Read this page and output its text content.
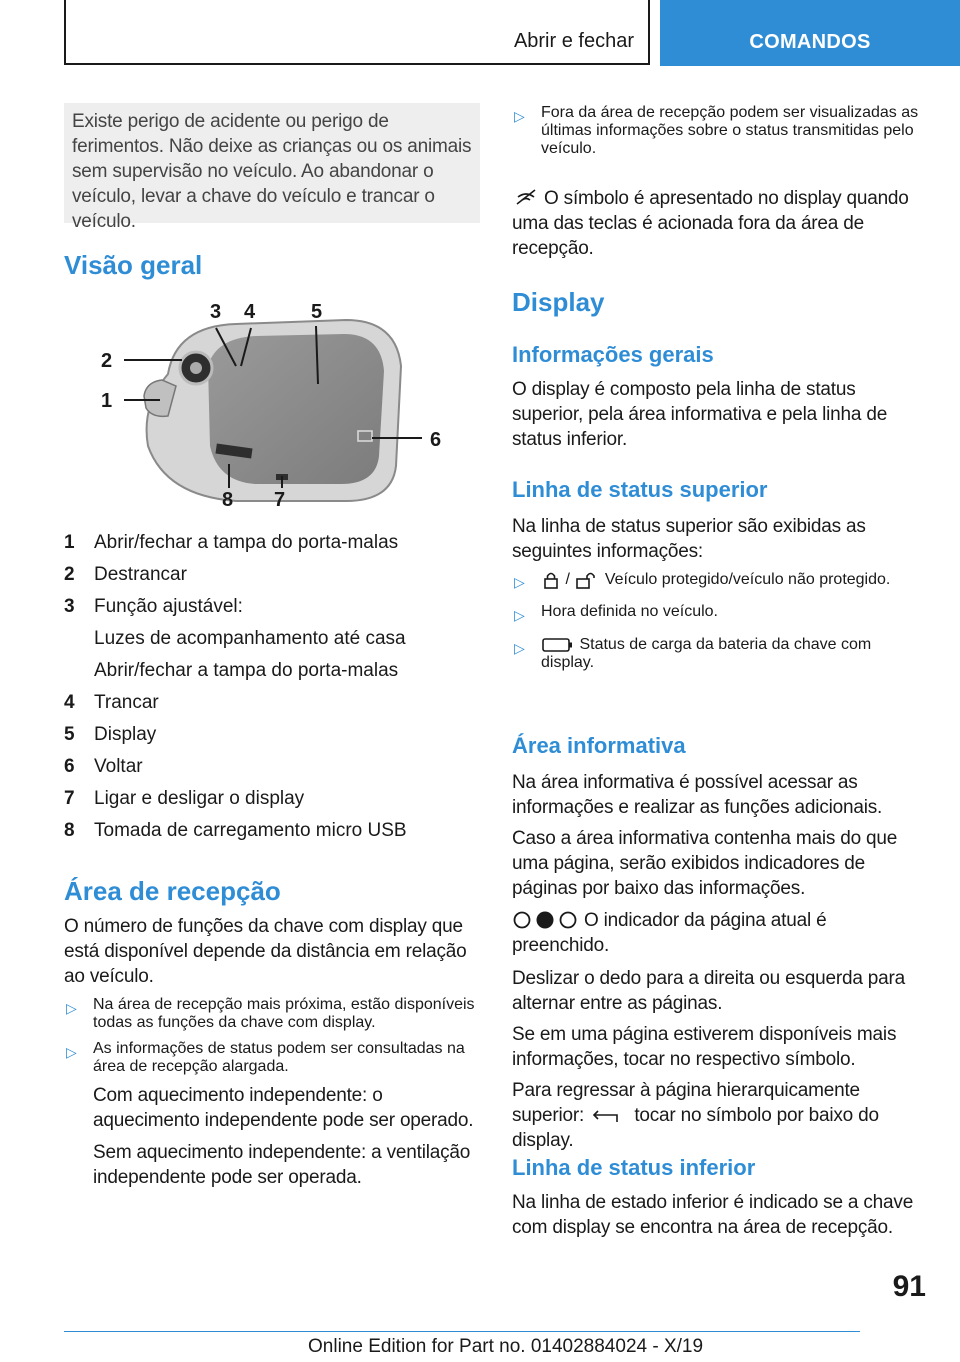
Abrir e fechar	COMANDOS
Existe perigo de acidente ou perigo de ferimentos. Não deixe as crianças ou os animais sem supervisão no veículo. Ao abandonar o veículo, levar a chave do veículo e trancar o veículo.
Visão geral
1
2
3 4	5
6
7
8
1	Abrir/fechar a tampa do porta-malas
2	Destrancar
3	Função ajustável:
Luzes de acompanhamento até casa
Abrir/fechar a tampa do porta-malas
4	Trancar
5	Display
6	Voltar
7	Ligar e desligar o display
8	Tomada de carregamento micro USB
Área de recepção

O número de funções da chave com display que está disponível depende da distância em relação ao veículo.

▷	Na área de recepção mais próxima, estão disponíveis todas as funções da chave com display.
▷	As informações de status podem ser consultadas na área de recepção alargada.

Com aquecimento independente: o aquecimento independente pode ser operado.

Sem aquecimento independente: a ventilação independente pode ser operada.

▷	Fora da área de recepção podem ser visualizadas as últimas informações sobre o status transmitidas pelo veículo.

O símbolo é apresentado no display quando uma das teclas é acionada fora da área de recepção.

Display
Informações gerais

O display é composto pela linha de status superior, pela área informativa e pela linha de status inferior.

Linha de status superior

Na linha de status superior são exibidas as seguintes informações:

▷	/ Veículo protegido/veículo não protegido.
▷	Hora definida no veículo.
▷	Status de carga da bateria da chave com display.
Área informativa

Na área informativa é possível acessar as informações e realizar as funções adicionais.

Caso a área informativa contenha mais do que uma página, serão exibidos indicadores de páginas por baixo das informações.

O indicador da página atual é preenchido.

Deslizar o dedo para a direita ou esquerda para alternar entre as páginas.

Se em uma página estiverem disponíveis mais informações, tocar no respectivo símbolo.

Para regressar à página hierarquicamente superior:	tocar no símbolo por baixo do display.

Linha de status inferior

Na linha de estado inferior é indicado se a chave com display se encontra na área de recepção.

91
Online Edition for Part no. 01402884024 - X/19
